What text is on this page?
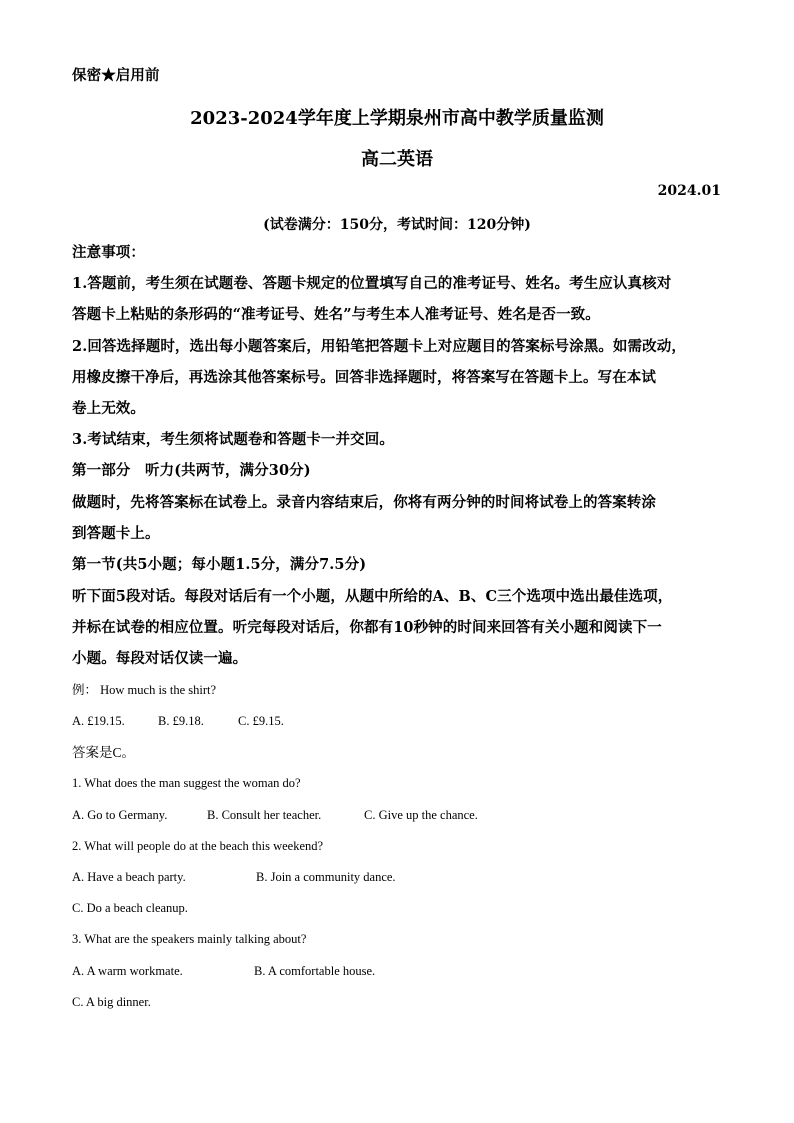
保密★启用前
2023-2024学年度上学期泉州市高中教学质量监测
高二英语
2024.01
(试卷满分：150分，考试时间：120分钟)
注意事项：
1.答题前，考生须在试题卷、答题卡规定的位置填写自己的准考证号、姓名。考生应认真核对
答题卡上粘贴的条形码的“准考证号、姓名”与考生本人准考证号、姓名是否一致。
2.回答选择题时，选出每小题答案后，用铅笔把答题卡上对应题目的答案标号涂黑。如需改动，
用橡皮擦干净后，再选涂其他答案标号。回答非选择题时，将答案写在答题卡上。写在本试
卷上无效。
3.考试结束，考生须将试题卷和答题卡一并交回。
第一部分　听力(共两节，满分30分)
做题时，先将答案标在试卷上。录音内容结束后，你将有两分钟的时间将试卷上的答案转涂
到答题卡上。
第一节(共5小题；每小题1.5分，满分7.5分)
听下面5段对话。每段对话后有一个小题，从题中所给的A、B、C三个选项中选出最佳选项，
并标在试卷的相应位置。听完每段对话后，你都有10秒钟的时间来回答有关小题和阅读下一
小题。每段对话仅读一遍。
例： How much is the shirt?
A. £19.15.	B. £9.18.	C. £9.15.
答案是C。
1. What does the man suggest the woman do?
A. Go to Germany.	B. Consult her teacher.	C. Give up the chance.
2. What will people do at the beach this weekend?
A. Have a beach party.	B. Join a community dance.
C. Do a beach cleanup.
3. What are the speakers mainly talking about?
A. A warm workmate.	B. A comfortable house.
C. A big dinner.
